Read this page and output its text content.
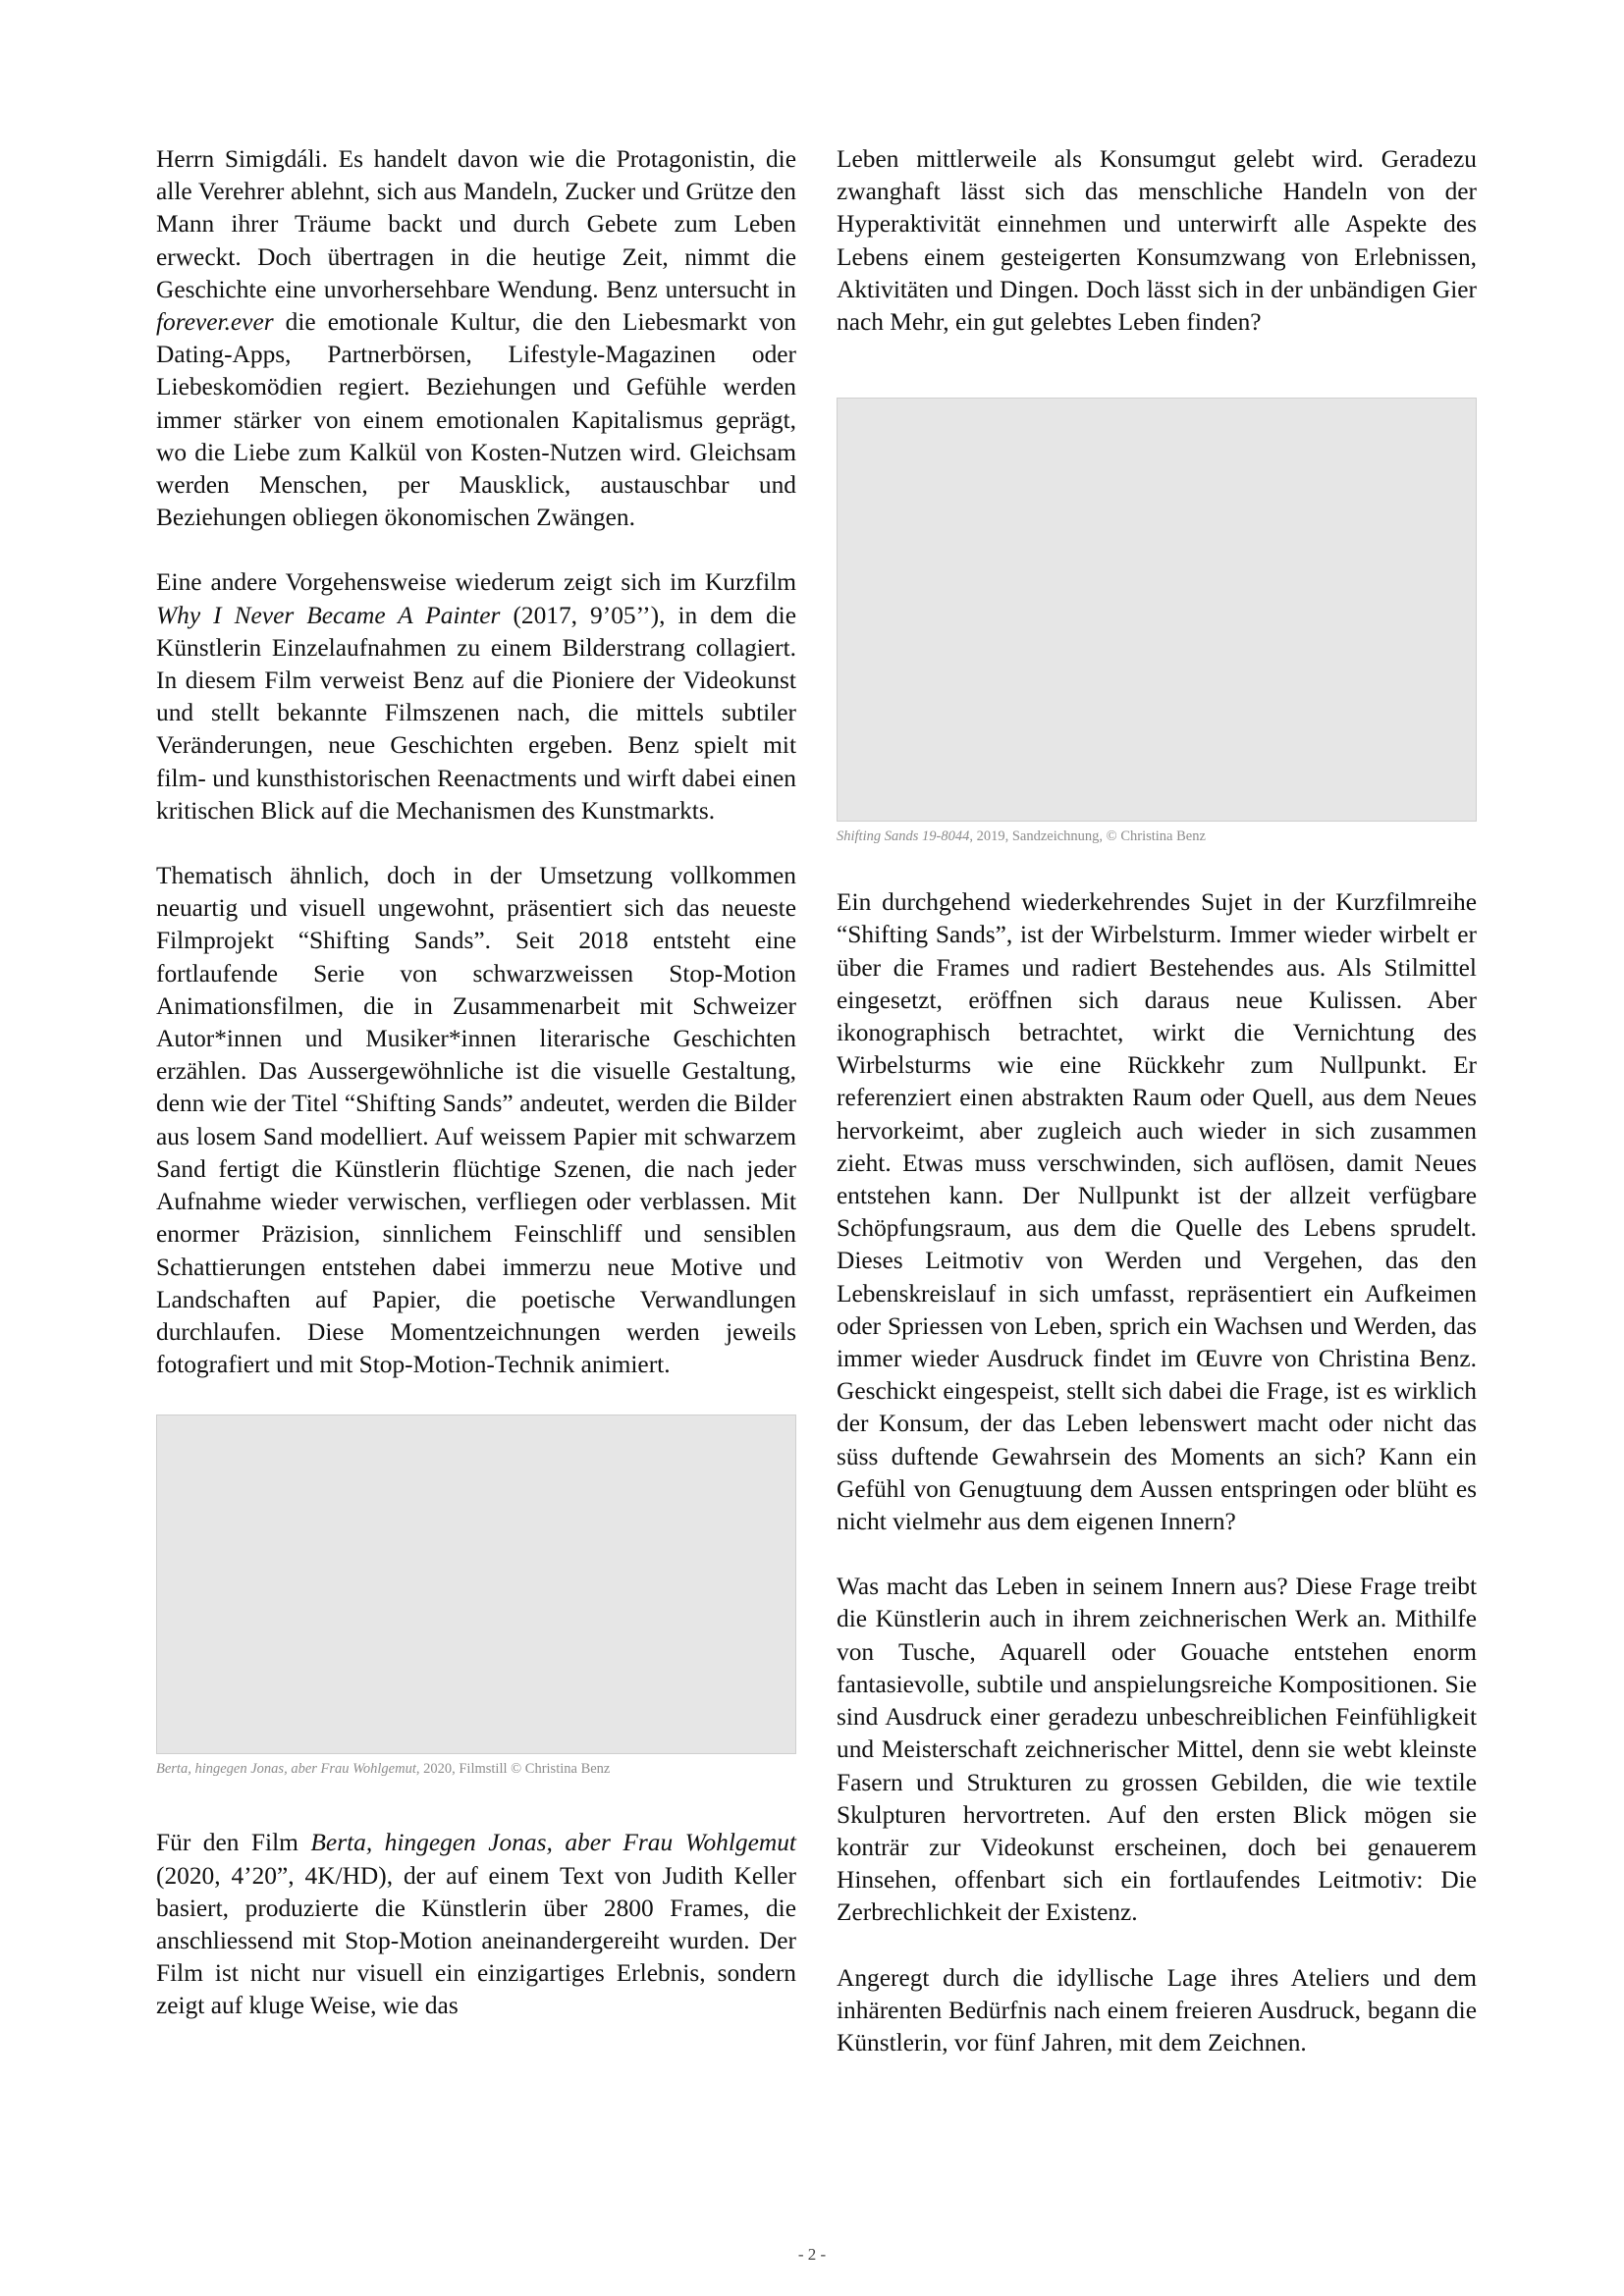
Herrn Simigdáli. Es handelt davon wie die Protagonistin, die alle Verehrer ablehnt, sich aus Mandeln, Zucker und Grütze den Mann ihrer Träume backt und durch Gebete zum Leben erweckt. Doch übertragen in die heutige Zeit, nimmt die Geschichte eine unvorhersehbare Wendung. Benz untersucht in forever.ever die emotionale Kultur, die den Liebesmarkt von Dating-Apps, Partnerbörsen, Lifestyle-Magazinen oder Liebeskomödien regiert. Beziehungen und Gefühle werden immer stärker von einem emotionalen Kapitalismus geprägt, wo die Liebe zum Kalkül von Kosten-Nutzen wird. Gleichsam werden Menschen, per Mausklick, austauschbar und Beziehungen obliegen ökonomischen Zwängen.

Eine andere Vorgehensweise wiederum zeigt sich im Kurzfilm Why I Never Became A Painter (2017, 9’05’’), in dem die Künstlerin Einzelaufnahmen zu einem Bilderstrang collagiert. In diesem Film verweist Benz auf die Pioniere der Videokunst und stellt bekannte Filmszenen nach, die mittels subtiler Veränderungen, neue Geschichten ergeben. Benz spielt mit film- und kunsthistorischen Reenactments und wirft dabei einen kritischen Blick auf die Mechanismen des Kunstmarkts.

Thematisch ähnlich, doch in der Umsetzung vollkommen neuartig und visuell ungewohnt, präsentiert sich das neueste Filmprojekt “Shifting Sands”. Seit 2018 entsteht eine fortlaufende Serie von schwarzweissen Stop-Motion Animationsfilmen, die in Zusammenarbeit mit Schweizer Autor*innen und Musiker*innen literarische Geschichten erzählen. Das Aussergewöhnliche ist die visuelle Gestaltung, denn wie der Titel “Shifting Sands” andeutet, werden die Bilder aus losem Sand modelliert. Auf weissem Papier mit schwarzem Sand fertigt die Künstlerin flüchtige Szenen, die nach jeder Aufnahme wieder verwischen, verfliegen oder verblassen. Mit enormer Präzision, sinnlichem Feinschliff und sensiblen Schattierungen entstehen dabei immerzu neue Motive und Landschaften auf Papier, die poetische Verwandlungen durchlaufen. Diese Momentzeichnungen werden jeweils fotografiert und mit Stop-Motion-Technik animiert.

Berta, hingegen Jonas, aber Frau Wohlgemut, 2020, Filmstill © Christina Benz

Für den Film Berta, hingegen Jonas, aber Frau Wohlgemut (2020, 4’20”, 4K/HD), der auf einem Text von Judith Keller basiert, produzierte die Künstlerin über 2800 Frames, die anschliessend mit Stop-Motion aneinandergereiht wurden. Der Film ist nicht nur visuell ein einzigartiges Erlebnis, sondern zeigt auf kluge Weise, wie das

Leben mittlerweile als Konsumgut gelebt wird. Geradezu zwanghaft lässt sich das menschliche Handeln von der Hyperaktivität einnehmen und unterwirft alle Aspekte des Lebens einem gesteigerten Konsumzwang von Erlebnissen, Aktivitäten und Dingen. Doch lässt sich in der unbändigen Gier nach Mehr, ein gut gelebtes Leben finden?

Shifting Sands 19-8044, 2019, Sandzeichnung, © Christina Benz

Ein durchgehend wiederkehrendes Sujet in der Kurzfilmreihe “Shifting Sands”, ist der Wirbelsturm. Immer wieder wirbelt er über die Frames und radiert Bestehendes aus. Als Stilmittel eingesetzt, eröffnen sich daraus neue Kulissen. Aber ikonographisch betrachtet, wirkt die Vernichtung des Wirbelsturms wie eine Rückkehr zum Nullpunkt. Er referenziert einen abstrakten Raum oder Quell, aus dem Neues hervorkeimt, aber zugleich auch wieder in sich zusammen zieht. Etwas muss verschwinden, sich auflösen, damit Neues entstehen kann. Der Nullpunkt ist der allzeit verfügbare Schöpfungsraum, aus dem die Quelle des Lebens sprudelt. Dieses Leitmotiv von Werden und Vergehen, das den Lebenskreislauf in sich umfasst, repräsentiert ein Aufkeimen oder Spriessen von Leben, sprich ein Wachsen und Werden, das immer wieder Ausdruck findet im Œuvre von Christina Benz. Geschickt eingespeist, stellt sich dabei die Frage, ist es wirklich der Konsum, der das Leben lebenswert macht oder nicht das süss duftende Gewahrsein des Moments an sich? Kann ein Gefühl von Genugtuung dem Aussen entspringen oder blüht es nicht vielmehr aus dem eigenen Innern?

Was macht das Leben in seinem Innern aus? Diese Frage treibt die Künstlerin auch in ihrem zeichnerischen Werk an. Mithilfe von Tusche, Aquarell oder Gouache entstehen enorm fantasievolle, subtile und anspielungsreiche Kompositionen. Sie sind Ausdruck einer geradezu unbeschreiblichen Feinfühligkeit und Meisterschaft zeichnerischer Mittel, denn sie webt kleinste Fasern und Strukturen zu grossen Gebilden, die wie textile Skulpturen hervortreten. Auf den ersten Blick mögen sie konträr zur Videokunst erscheinen, doch bei genauerem Hinsehen, offenbart sich ein fortlaufendes Leitmotiv: Die Zerbrechlichkeit der Existenz.

Angeregt durch die idyllische Lage ihres Ateliers und dem inhärenten Bedürfnis nach einem freieren Ausdruck, begann die Künstlerin, vor fünf Jahren, mit dem Zeichnen.

- 2 -
